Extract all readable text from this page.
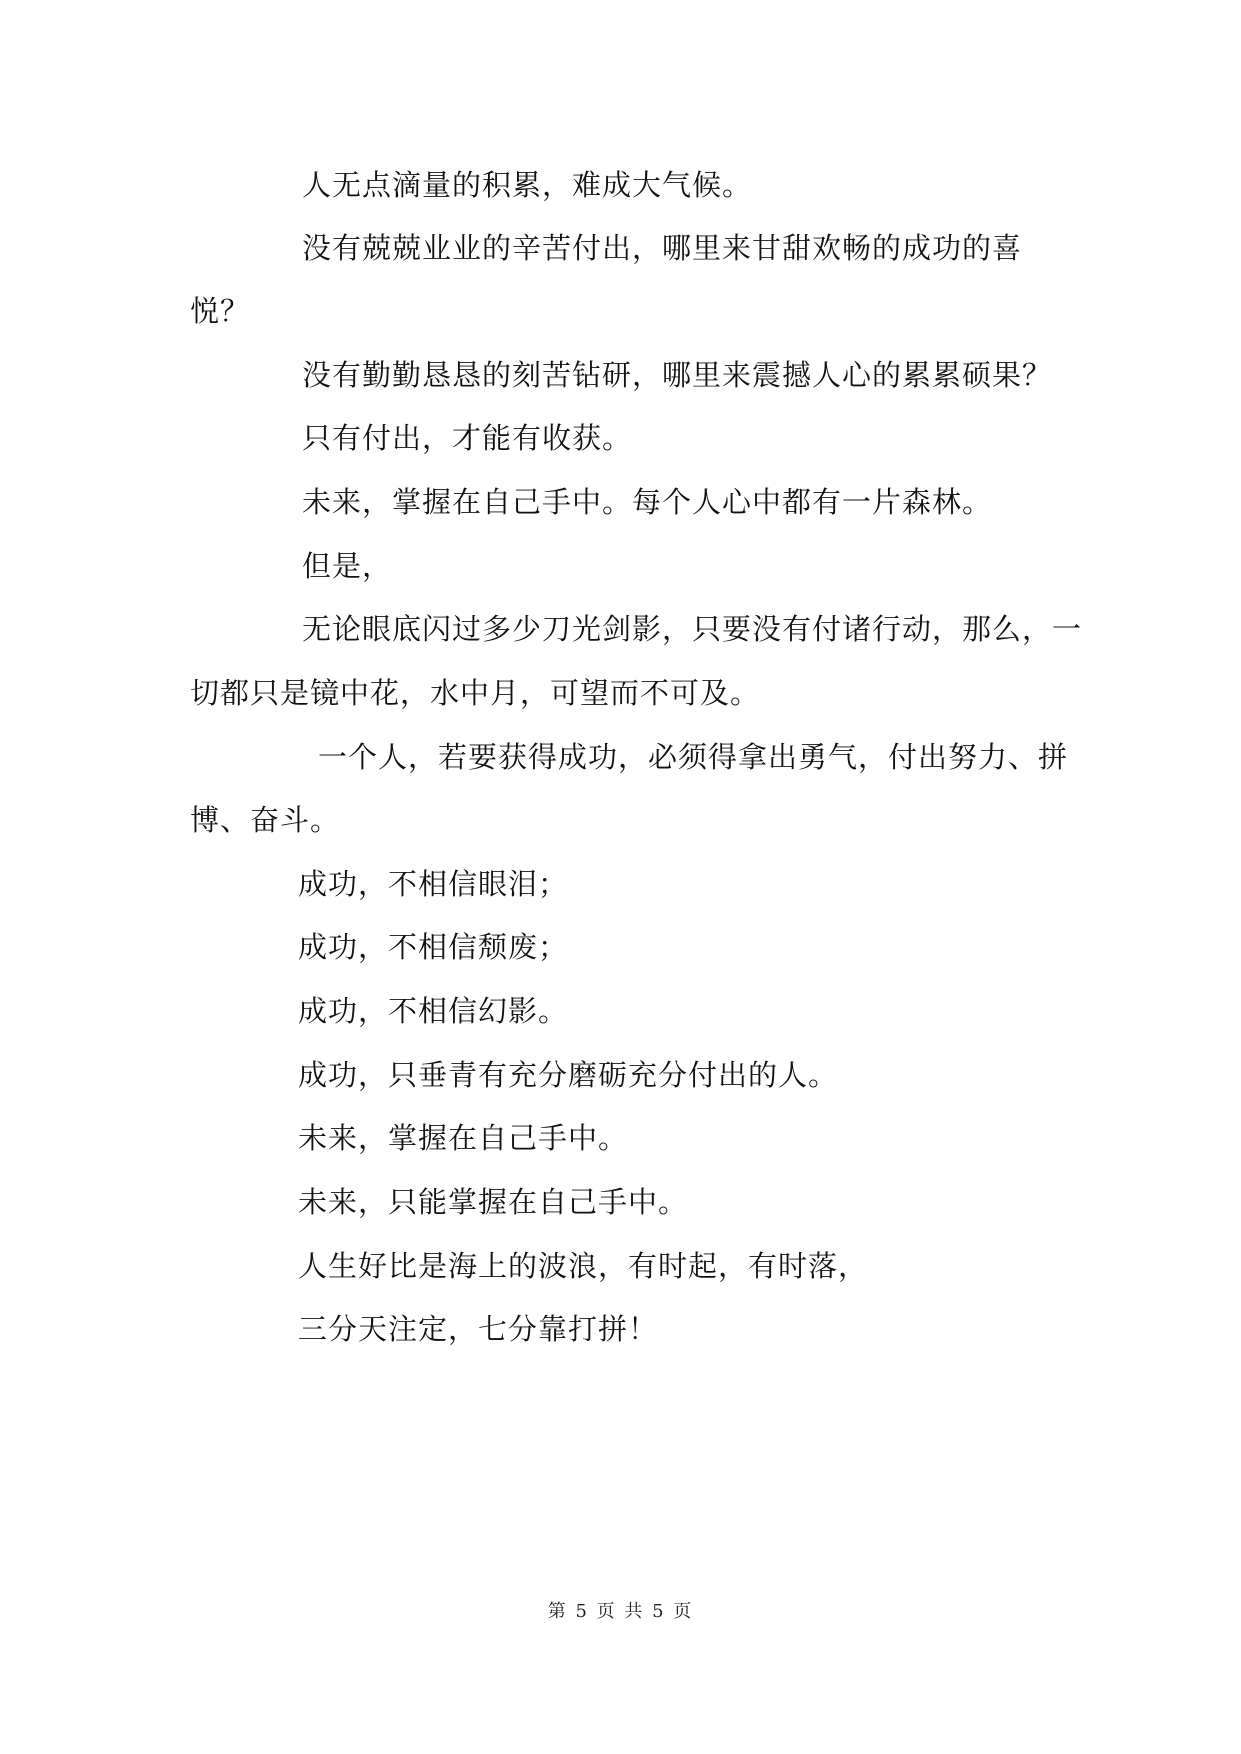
人无点滴量的积累，难成大气候。

没有兢兢业业的辛苦付出，哪里来甘甜欢畅的成功的喜

悦？

没有勤勤恳恳的刻苦钻研，哪里来震撼人心的累累硕果？

只有付出，才能有收获。

未来，掌握在自己手中。每个人心中都有一片森林。

但是，

无论眼底闪过多少刀光剑影，只要没有付诸行动，那么，一

切都只是镜中花，水中月，可望而不可及。

一个人，若要获得成功，必须得拿出勇气，付出努力、拼

博、奋斗。

成功，不相信眼泪；

成功，不相信颓废；

成功，不相信幻影。

成功，只垂青有充分磨砺充分付出的人。

未来，掌握在自己手中。

未来，只能掌握在自己手中。

人生好比是海上的波浪，有时起，有时落，

三分天注定，七分靠打拼！

第 5 页 共 5 页
